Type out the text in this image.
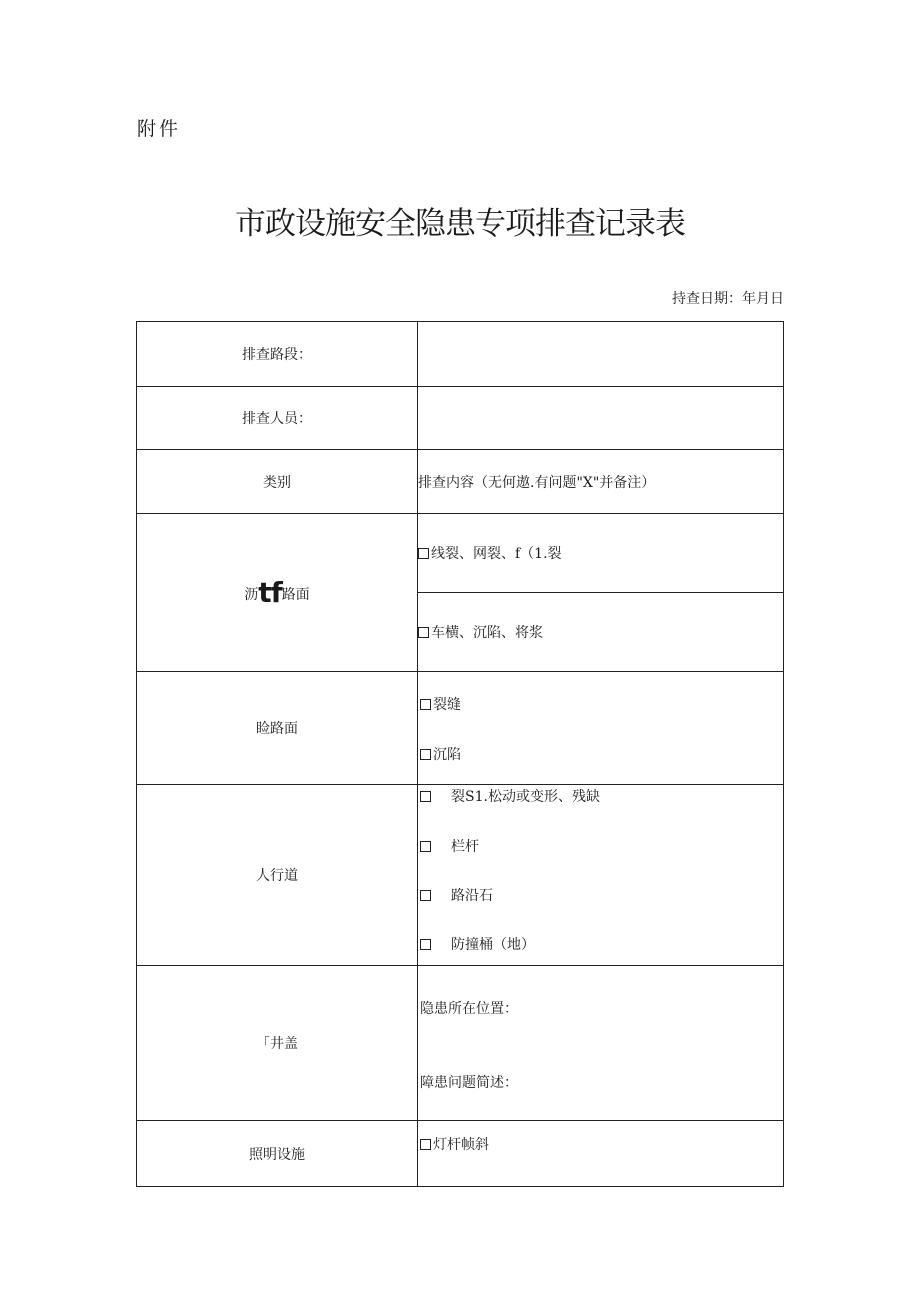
附件
市政设施安全隐患专项排查记录表
持查日期：年月日
排查路段：	
排查人员：	
类别	排查内容（无何遨.有问题"X"并备注）
沥tf路面	线裂、网裂、f（1.裂
	车横、沉陷、将浆
睑路面	裂缝
沉陷

人行道	裂S1.松动或变形、残缺
栏杆
路沿石
防撞桶（地）

「井盖	隐患所在位置：
障患问题简述：

照明设施	灯杆帧斜
